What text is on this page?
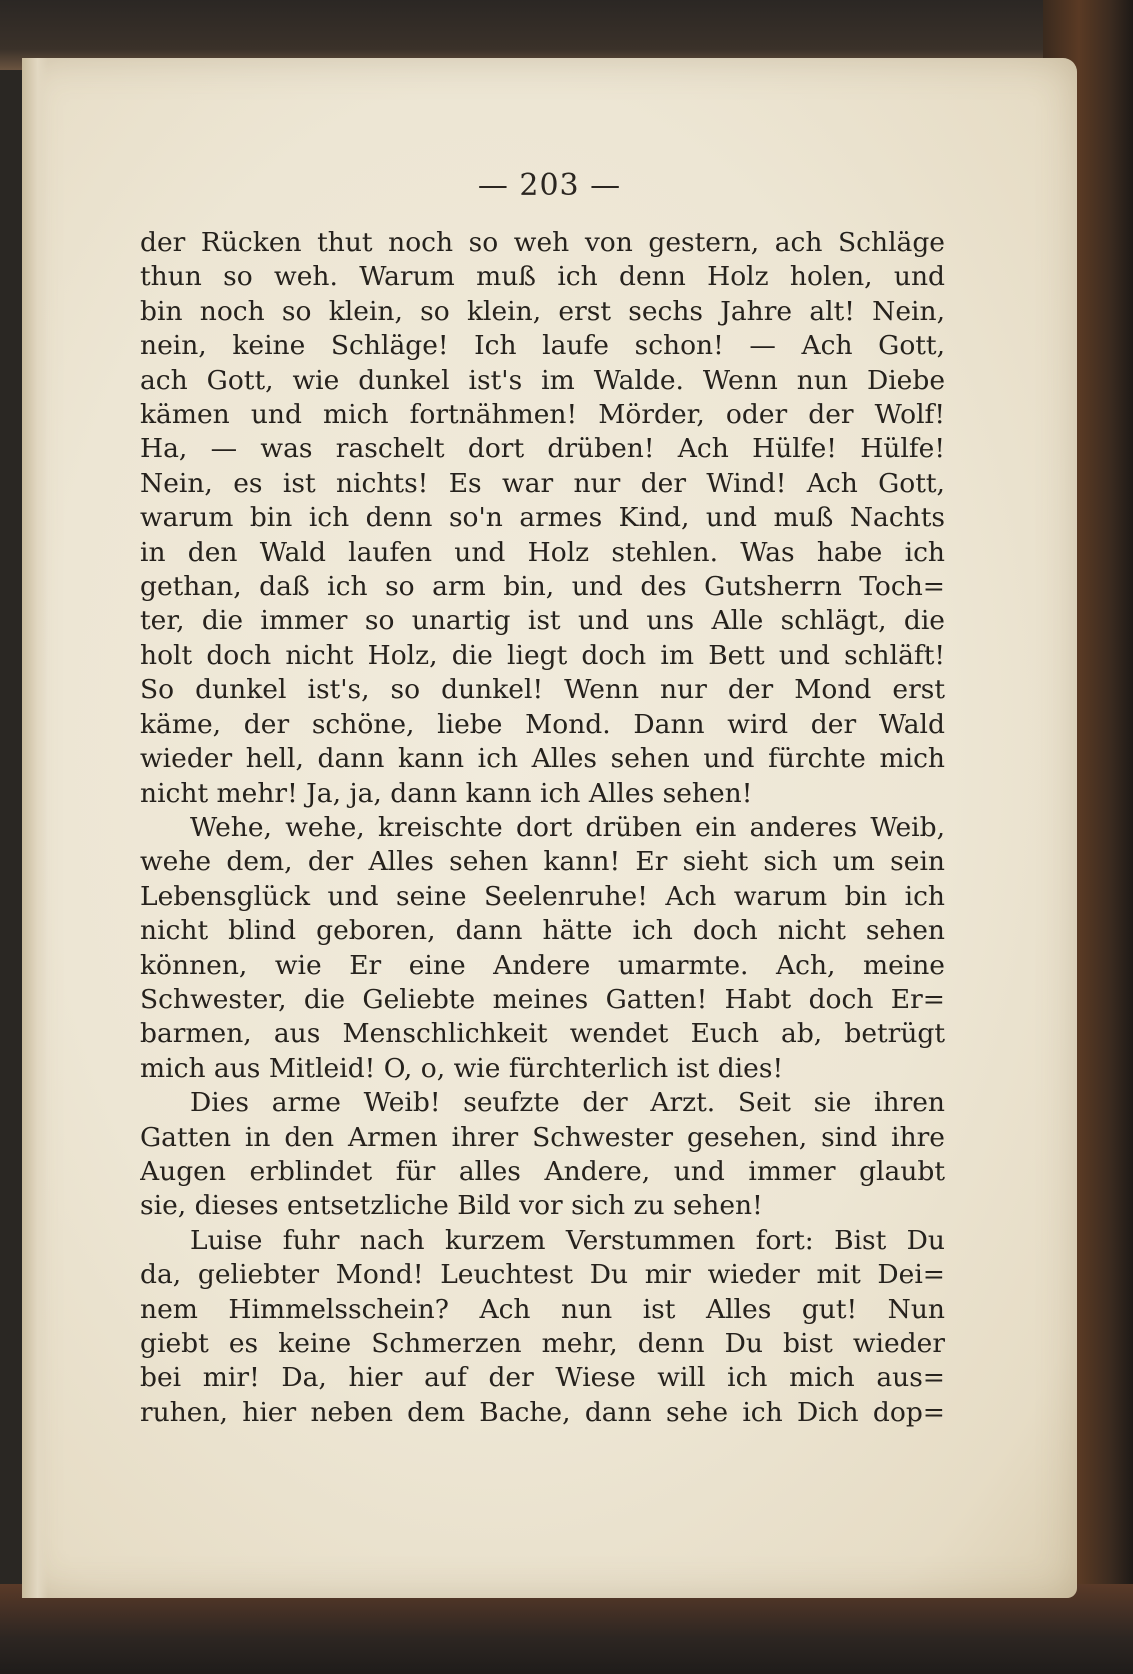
— 203 —
der Rücken thut noch so weh von gestern, ach Schläge
thun so weh. Warum muß ich denn Holz holen, und
bin noch so klein, so klein, erst sechs Jahre alt! Nein,
nein, keine Schläge! Ich laufe schon! — Ach Gott,
ach Gott, wie dunkel ist's im Walde. Wenn nun Diebe
kämen und mich fortnähmen! Mörder, oder der Wolf!
Ha, — was raschelt dort drüben! Ach Hülfe! Hülfe!
Nein, es ist nichts! Es war nur der Wind! Ach Gott,
warum bin ich denn so'n armes Kind, und muß Nachts
in den Wald laufen und Holz stehlen. Was habe ich
gethan, daß ich so arm bin, und des Gutsherrn Toch=
ter, die immer so unartig ist und uns Alle schlägt, die
holt doch nicht Holz, die liegt doch im Bett und schläft!
So dunkel ist's, so dunkel! Wenn nur der Mond erst
käme, der schöne, liebe Mond. Dann wird der Wald
wieder hell, dann kann ich Alles sehen und fürchte mich
nicht mehr! Ja, ja, dann kann ich Alles sehen!
Wehe, wehe, kreischte dort drüben ein anderes Weib,
wehe dem, der Alles sehen kann! Er sieht sich um sein
Lebensglück und seine Seelenruhe! Ach warum bin ich
nicht blind geboren, dann hätte ich doch nicht sehen
können, wie Er eine Andere umarmte. Ach, meine
Schwester, die Geliebte meines Gatten! Habt doch Er=
barmen, aus Menschlichkeit wendet Euch ab, betrügt
mich aus Mitleid! O, o, wie fürchterlich ist dies!
Dies arme Weib! seufzte der Arzt. Seit sie ihren
Gatten in den Armen ihrer Schwester gesehen, sind ihre
Augen erblindet für alles Andere, und immer glaubt
sie, dieses entsetzliche Bild vor sich zu sehen!
Luise fuhr nach kurzem Verstummen fort: Bist Du
da, geliebter Mond! Leuchtest Du mir wieder mit Dei=
nem Himmelsschein? Ach nun ist Alles gut! Nun
giebt es keine Schmerzen mehr, denn Du bist wieder
bei mir! Da, hier auf der Wiese will ich mich aus=
ruhen, hier neben dem Bache, dann sehe ich Dich dop=
